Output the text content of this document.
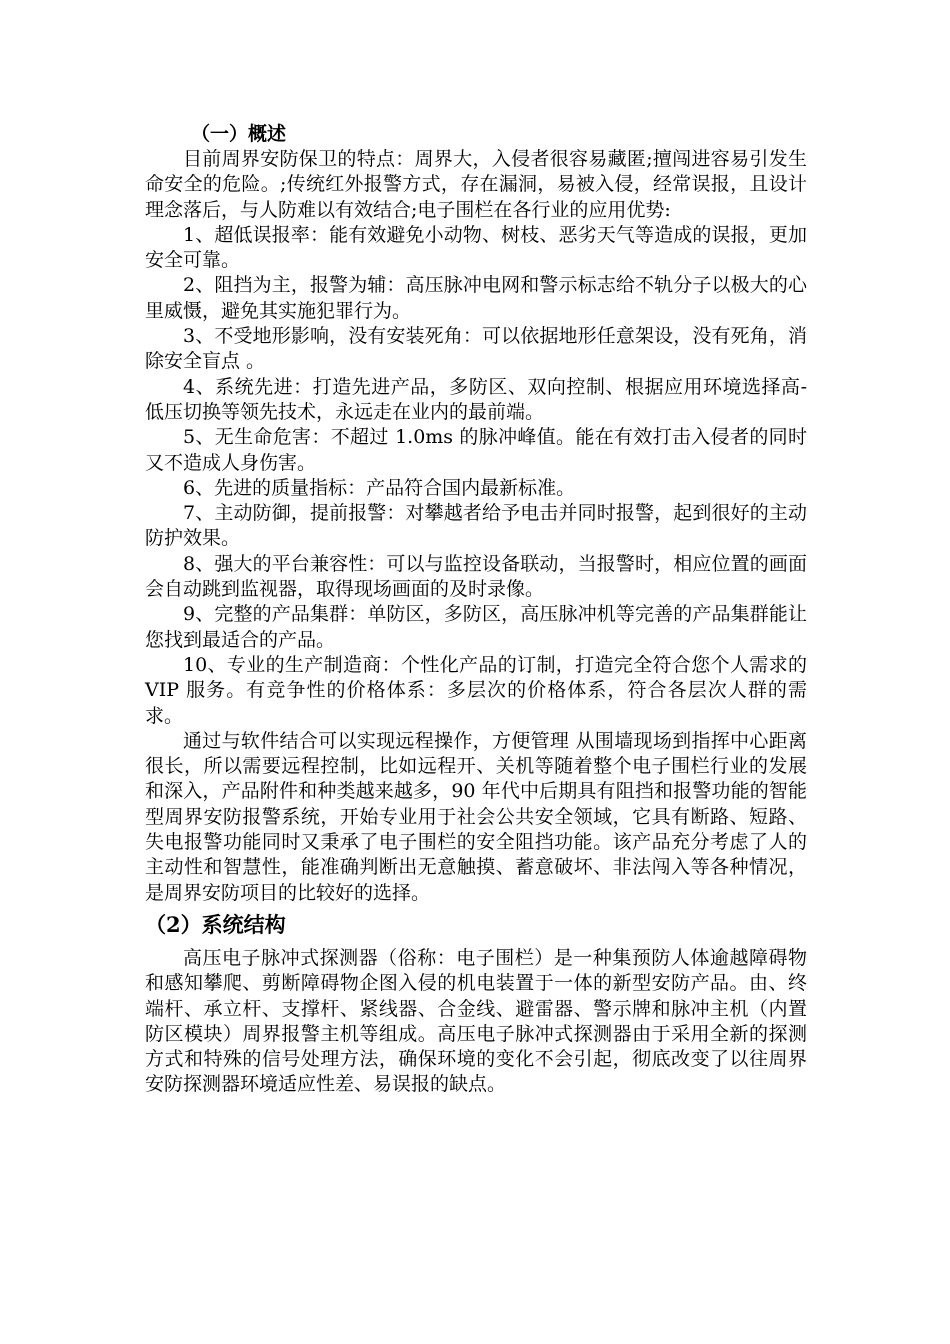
（一）概述

目前周界安防保卫的特点：周界大，入侵者很容易藏匿;擅闯进容易引发生命安全的危险。;传统红外报警方式，存在漏洞，易被入侵，经常误报，且设计理念落后，与人防难以有效结合;电子围栏在各行业的应用优势:

1、超低误报率：能有效避免小动物、树枝、恶劣天气等造成的误报，更加安全可靠。

2、阻挡为主，报警为辅：高压脉冲电网和警示标志给不轨分子以极大的心里威慑，避免其实施犯罪行为。

3、不受地形影响，没有安装死角：可以依据地形任意架设，没有死角，消除安全盲点 。

4、系统先进：打造先进产品，多防区、双向控制、根据应用环境选择高-低压切换等领先技术，永远走在业内的最前端。

5、无生命危害：不超过 1.0ms 的脉冲峰值。能在有效打击入侵者的同时又不造成人身伤害。

6、先进的质量指标：产品符合国内最新标准。

7、主动防御，提前报警：对攀越者给予电击并同时报警，起到很好的主动防护效果。

8、强大的平台兼容性：可以与监控设备联动，当报警时，相应位置的画面会自动跳到监视器，取得现场画面的及时录像。

9、完整的产品集群：单防区，多防区，高压脉冲机等完善的产品集群能让您找到最适合的产品。

10、专业的生产制造商：个性化产品的订制，打造完全符合您个人需求的 VIP 服务。有竞争性的价格体系：多层次的价格体系，符合各层次人群的需求。

通过与软件结合可以实现远程操作，方便管理 从围墙现场到指挥中心距离很长，所以需要远程控制，比如远程开、关机等随着整个电子围栏行业的发展和深入，产品附件和种类越来越多，90 年代中后期具有阻挡和报警功能的智能型周界安防报警系统，开始专业用于社会公共安全领域，它具有断路、短路、失电报警功能同时又秉承了电子围栏的安全阻挡功能。该产品充分考虑了人的主动性和智慧性，能准确判断出无意触摸、蓄意破坏、非法闯入等各种情况，是周界安防项目的比较好的选择。

（2）系统结构

高压电子脉冲式探测器（俗称：电子围栏）是一种集预防人体逾越障碍物和感知攀爬、剪断障碍物企图入侵的机电装置于一体的新型安防产品。由、终端杆、承立杆、支撑杆、紧线器、合金线、避雷器、警示牌和脉冲主机（内置防区模块）周界报警主机等组成。高压电子脉冲式探测器由于采用全新的探测方式和特殊的信号处理方法，确保环境的变化不会引起，彻底改变了以往周界安防探测器环境适应性差、易误报的缺点。
